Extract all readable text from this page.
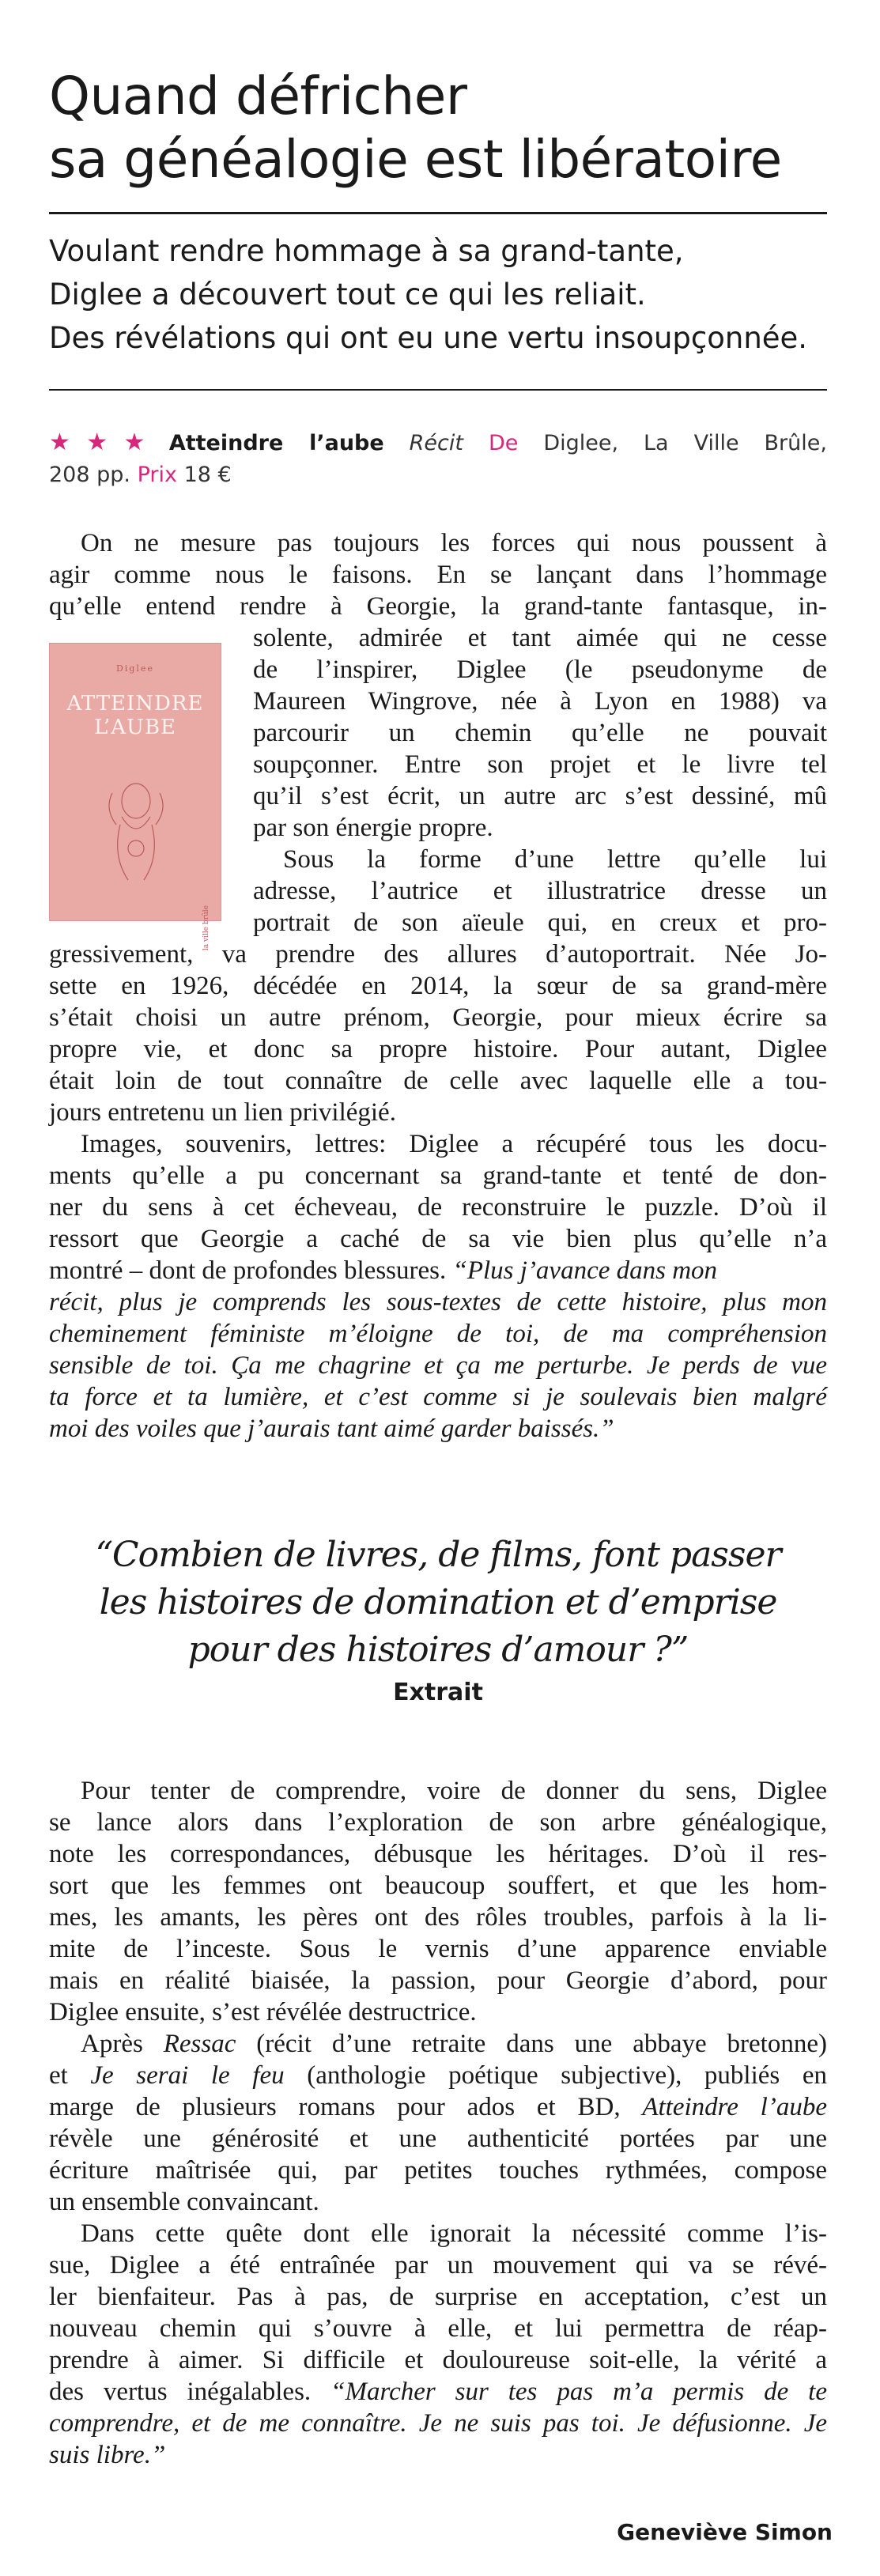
Quand défricher
sa généalogie est libératoire
Voulant rendre hommage à sa grand-tante,
Diglee a découvert tout ce qui les reliait.
Des révélations qui ont eu une vertu insoupçonnée.
★★★ Atteindre l’aube Récit De Diglee, La Ville Brûle,
208 pp. Prix 18 €
Diglee
ATTEINDRE
L’AUBE
la ville brûle
On ne mesure pas toujours les forces qui nous poussent à
agir comme nous le faisons. En se lançant dans l’hommage
qu’elle entend rendre à Georgie, la grand-tante fantasque, in-
solente, admirée et tant aimée qui ne cesse
de l’inspirer, Diglee (le pseudonyme de
Maureen Wingrove, née à Lyon en 1988) va
parcourir un chemin qu’elle ne pouvait
soupçonner. Entre son projet et le livre tel
qu’il s’est écrit, un autre arc s’est dessiné, mû
par son énergie propre.
Sous la forme d’une lettre qu’elle lui
adresse, l’autrice et illustratrice dresse un
portrait de son aïeule qui, en creux et pro-
gressivement, va prendre des allures d’autoportrait. Née Jo-
sette en 1926, décédée en 2014, la sœur de sa grand-mère
s’était choisi un autre prénom, Georgie, pour mieux écrire sa
propre vie, et donc sa propre histoire. Pour autant, Diglee
était loin de tout connaître de celle avec laquelle elle a tou-
jours entretenu un lien privilégié.
Images, souvenirs, lettres: Diglee a récupéré tous les docu-
ments qu’elle a pu concernant sa grand-tante et tenté de don-
ner du sens à cet écheveau, de reconstruire le puzzle. D’où il
ressort que Georgie a caché de sa vie bien plus qu’elle n’a
montré – dont de profondes blessures. “Plus j’avance dans mon
récit, plus je comprends les sous-textes de cette histoire, plus mon
cheminement féministe m’éloigne de toi, de ma compréhension
sensible de toi. Ça me chagrine et ça me perturbe. Je perds de vue
ta force et ta lumière, et c’est comme si je soulevais bien malgré
moi des voiles que j’aurais tant aimé garder baissés.”
“Combien de livres, de films, font passer
les histoires de domination et d’emprise
pour des histoires d’amour ?”
Extrait
Pour tenter de comprendre, voire de donner du sens, Diglee
se lance alors dans l’exploration de son arbre généalogique,
note les correspondances, débusque les héritages. D’où il res-
sort que les femmes ont beaucoup souffert, et que les hom-
mes, les amants, les pères ont des rôles troubles, parfois à la li-
mite de l’inceste. Sous le vernis d’une apparence enviable
mais en réalité biaisée, la passion, pour Georgie d’abord, pour
Diglee ensuite, s’est révélée destructrice.
Après Ressac (récit d’une retraite dans une abbaye bretonne)
et Je serai le feu (anthologie poétique subjective), publiés en
marge de plusieurs romans pour ados et BD, Atteindre l’aube
révèle une générosité et une authenticité portées par une
écriture maîtrisée qui, par petites touches rythmées, compose
un ensemble convaincant.
Dans cette quête dont elle ignorait la nécessité comme l’is-
sue, Diglee a été entraînée par un mouvement qui va se révé-
ler bienfaiteur. Pas à pas, de surprise en acceptation, c’est un
nouveau chemin qui s’ouvre à elle, et lui permettra de réap-
prendre à aimer. Si difficile et douloureuse soit-elle, la vérité a
des vertus inégalables. “Marcher sur tes pas m’a permis de te
comprendre, et de me connaître. Je ne suis pas toi. Je défusionne. Je
suis libre.”
Geneviève Simon
